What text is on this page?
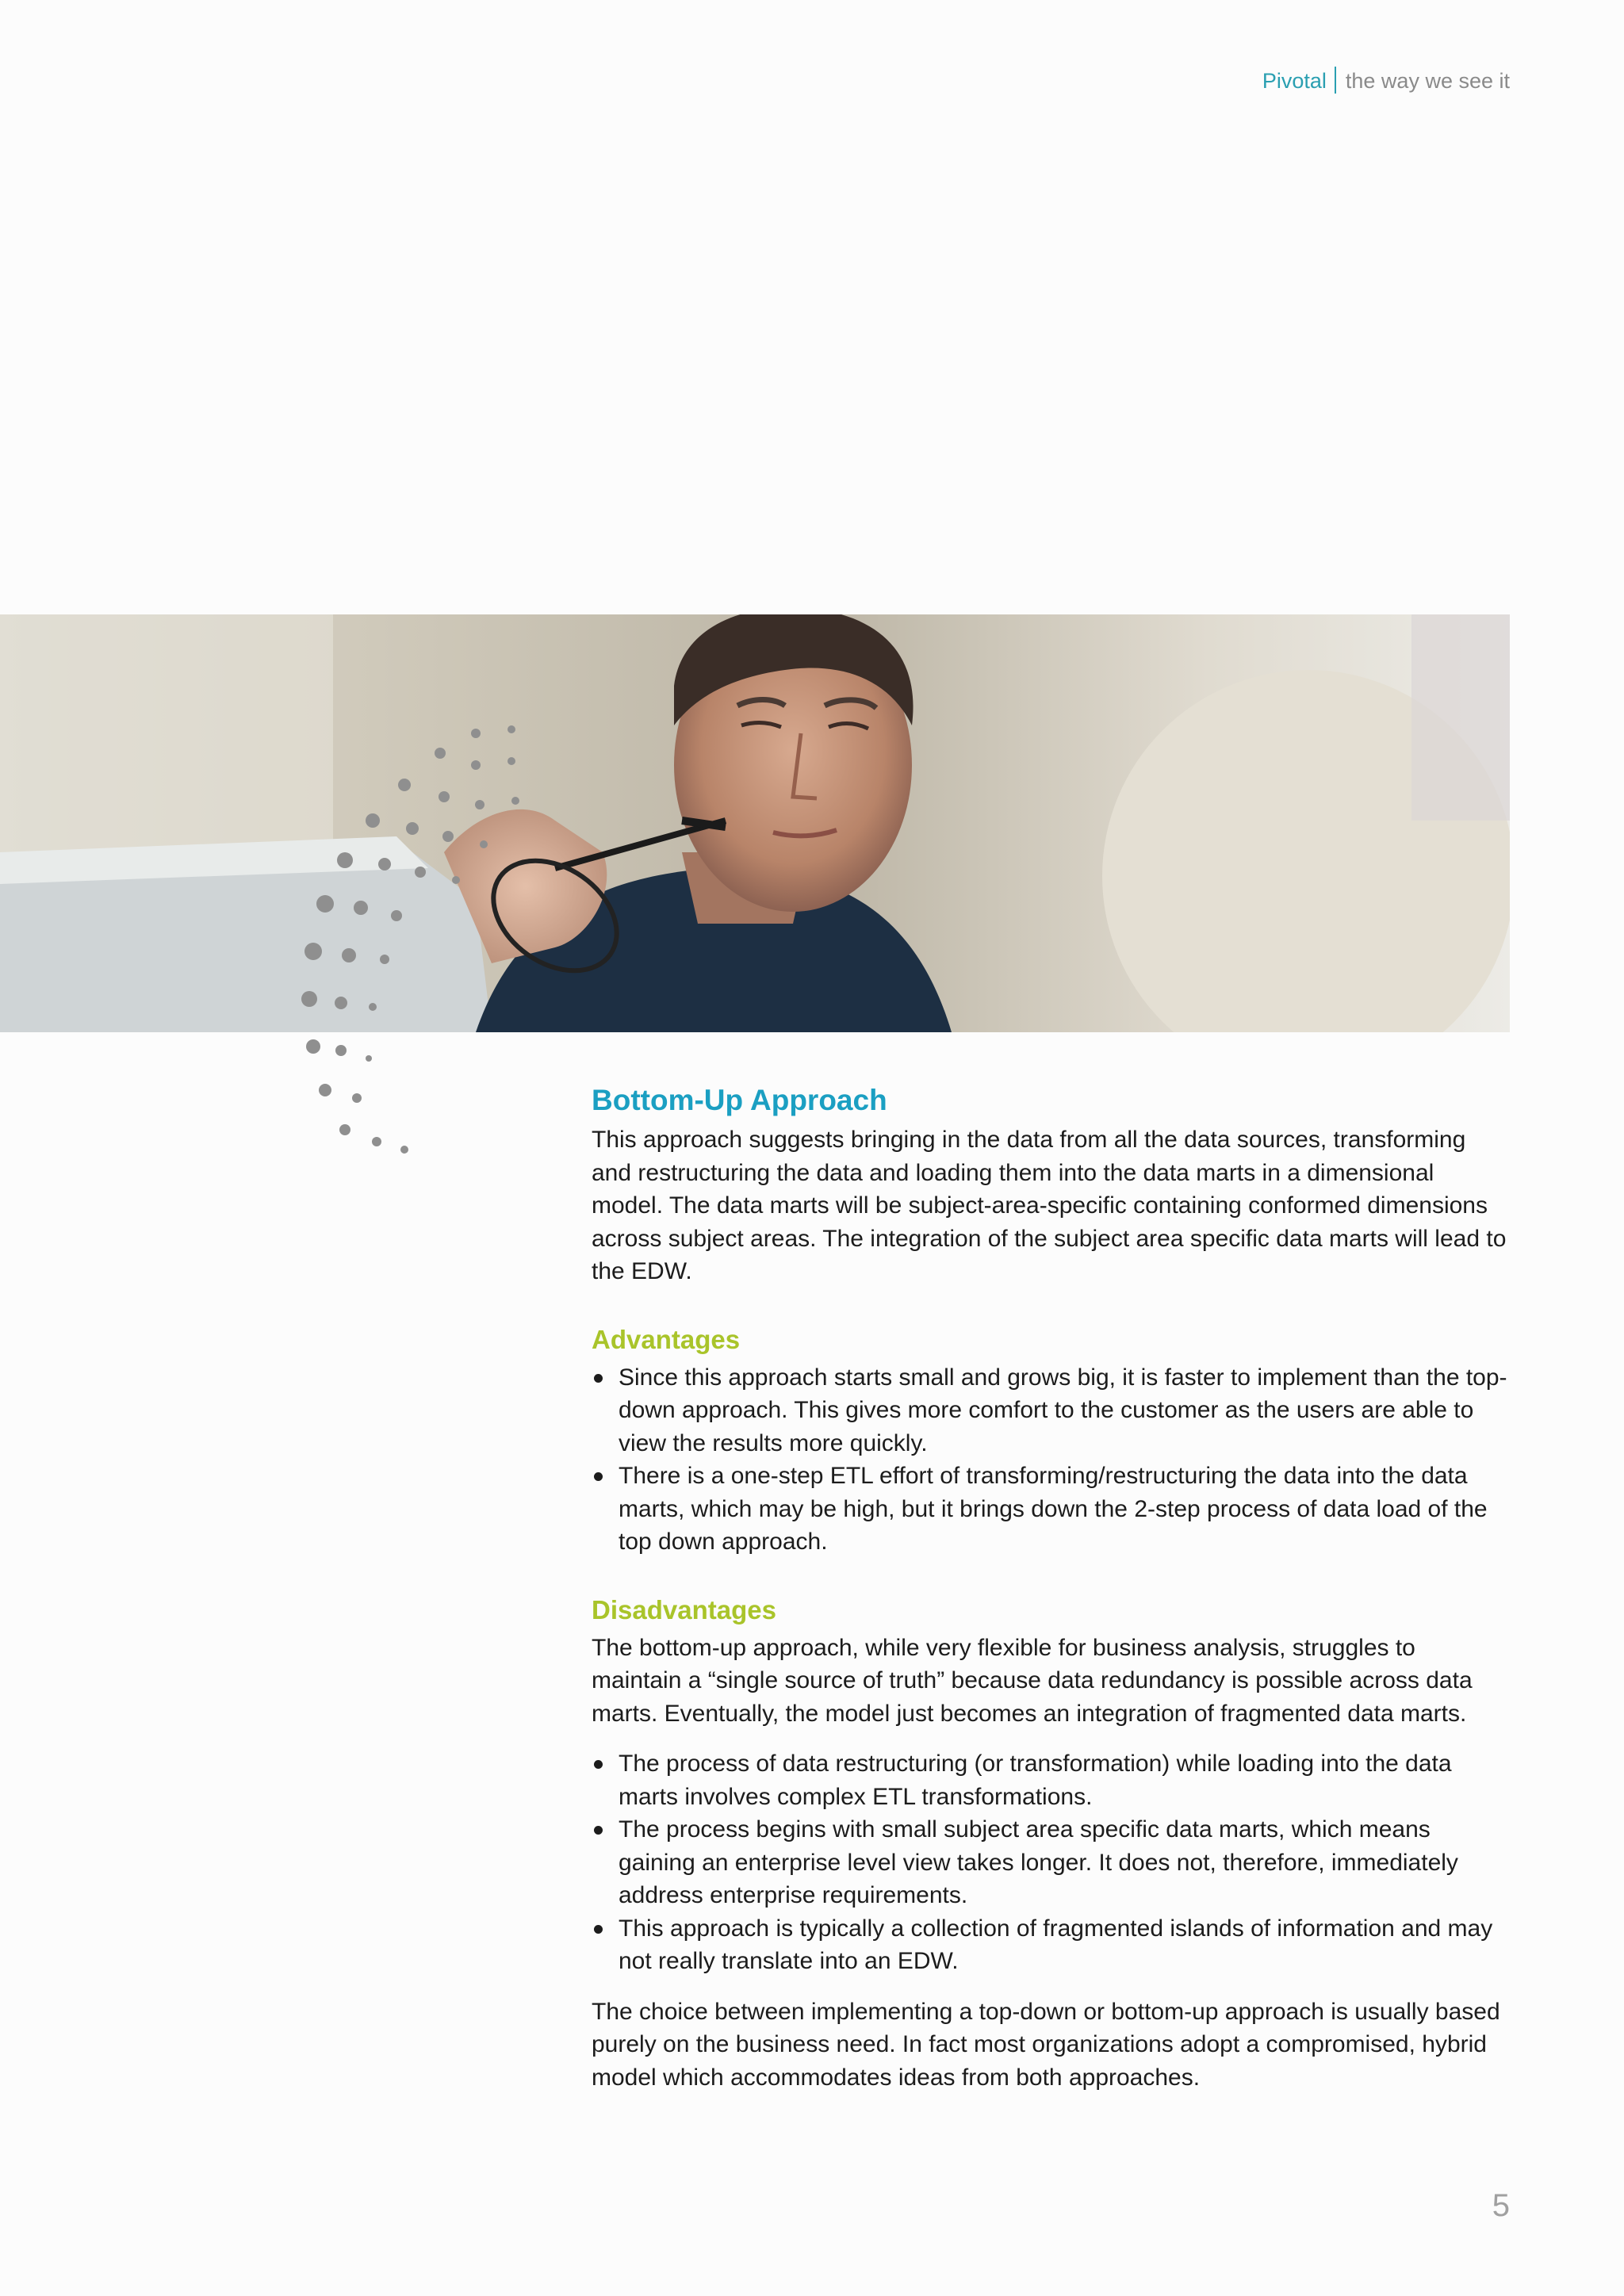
Pivotal the way we see it
Bottom-Up Approach

This approach suggests bringing in the data from all the data sources, transforming and restructuring the data and loading them into the data marts in a dimensional model. The data marts will be subject-area-specific containing conformed dimensions across subject areas. The integration of the subject area specific data marts will lead to the EDW.

Advantages
Since this approach starts small and grows big, it is faster to implement than the top-down approach. This gives more comfort to the customer as the users are able to view the results more quickly.
There is a one-step ETL effort of transforming/restructuring the data into the data marts, which may be high, but it brings down the 2-step process of data load of the top down approach.
Disadvantages

The bottom-up approach, while very flexible for business analysis, struggles to maintain a “single source of truth” because data redundancy is possible across data marts. Eventually, the model just becomes an integration of fragmented data marts.

The process of data restructuring (or transformation) while loading into the data marts involves complex ETL transformations.
The process begins with small subject area specific data marts, which means gaining an enterprise level view takes longer. It does not, therefore, immediately address enterprise requirements.
This approach is typically a collection of fragmented islands of information and may not really translate into an EDW.

The choice between implementing a top-down or bottom-up approach is usually based purely on the business need. In fact most organizations adopt a compromised, hybrid model which accommodates ideas from both approaches.

5
